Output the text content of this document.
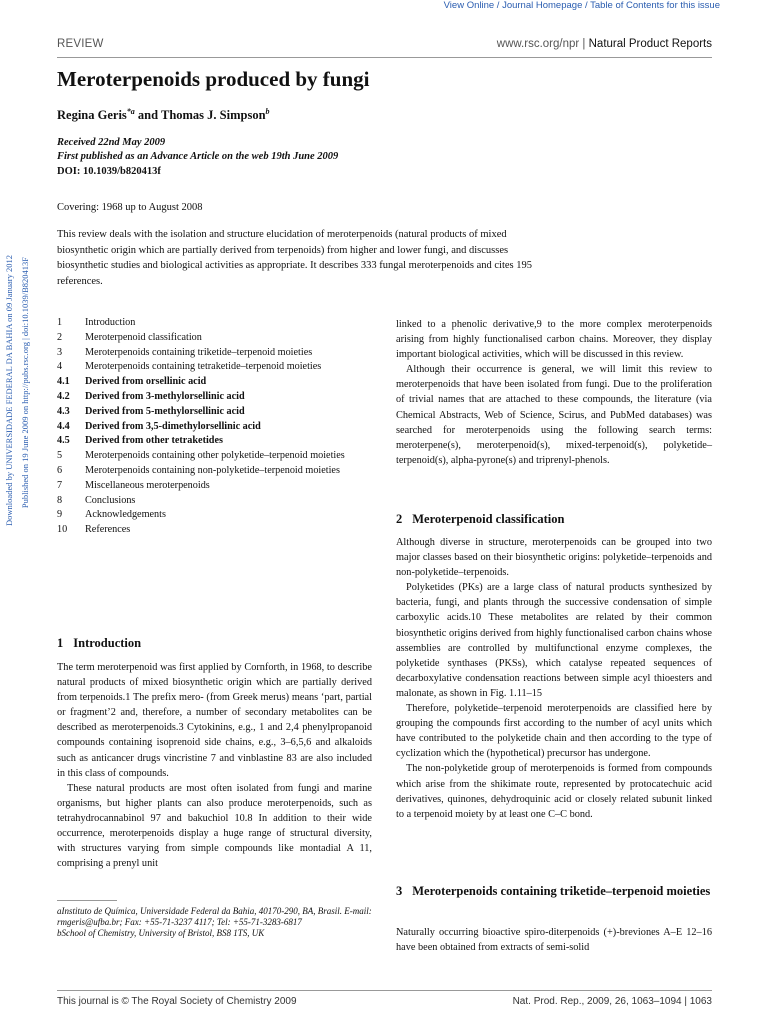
View Online / Journal Homepage / Table of Contents for this issue
REVIEW	www.rsc.org/npr | Natural Product Reports
Meroterpenoids produced by fungi
Regina Geris$^{*a}$ and Thomas J. Simpson$^b$
Received 22nd May 2009
First published as an Advance Article on the web 19th June 2009
DOI: 10.1039/b820413f
Covering: 1968 up to August 2008
This review deals with the isolation and structure elucidation of meroterpenoids (natural products of mixed biosynthetic origin which are partially derived from terpenoids) from higher and lower fungi, and discusses biosynthetic studies and biological activities as appropriate. It describes 333 fungal meroterpenoids and cites 195 references.
Downloaded by UNIVERSIDADE FEDERAL DA BAHIA on 09 January 2012 Published on 19 June 2009 on http://pubs.rsc.org | doi:10.1039/B820413F	1	Introduction
2	Meroterpenoid classification
3	Meroterpenoids containing triketide–terpenoid moieties
4	Meroterpenoids containing tetraketide–terpenoid moieties
4.1	Derived from orsellinic acid
4.2	Derived from 3-methylorsellinic acid
4.3	Derived from 5-methylorsellinic acid
4.4	Derived from 3,5-dimethylorsellinic acid
4.5	Derived from other tetraketides
5	Meroterpenoids containing other polyketide–terpenoid moieties
6	Meroterpenoids containing non-polyketide–terpenoid moieties
7	Miscellaneous meroterpenoids
8	Conclusions
9	Acknowledgements
10	References
1 Introduction

The term meroterpenoid was first applied by Cornforth, in 1968, to describe natural products of mixed biosynthetic origin which are partially derived from terpenoids.1 The prefix mero- (from Greek merus) means ‘part, partial or fragment’2 and, therefore, a number of secondary metabolites can be described as meroterpenoids.3 Cytokinins, e.g., 1 and 2,4 phenylpropanoid compounds containing isoprenoid side chains, e.g., 3–6,5,6 and alkaloids such as anticancer drugs vincristine 7 and vinblastine 83 are also included in this class of compounds.

These natural products are most often isolated from fungi and marine organisms, but higher plants can also produce meroterpenoids, such as tetrahydrocannabinol 97 and bakuchiol 10.8 In addition to their wide occurrence, meroterpenoids display a huge range of structural diversity, with structures varying from simple compounds like montadial A 11, comprising a prenyl unit

aInstituto de Química, Universidade Federal da Bahia, 40170-290, BA, Brasil. E-mail: rmgeris@ufba.br; Fax: +55-71-3237 4117; Tel: +55-71-3283-6817
bSchool of Chemistry, University of Bristol, BS8 1TS, UK

linked to a phenolic derivative,9 to the more complex meroterpenoids arising from highly functionalised carbon chains. Moreover, they display important biological activities, which will be discussed in this review.

Although their occurrence is general, we will limit this review to meroterpenoids that have been isolated from fungi. Due to the proliferation of trivial names that are attached to these compounds, the literature (via Chemical Abstracts, Web of Science, Scirus, and PubMed databases) was searched for meroterpenoids using the following search terms: meroterpene(s), meroterpenoid(s), mixed-terpenoid(s), polyketide–terpenoid(s), alpha-pyrone(s) and triprenyl-phenols.

2 Meroterpenoid classification

Although diverse in structure, meroterpenoids can be grouped into two major classes based on their biosynthetic origins: polyketide–terpenoids and non-polyketide–terpenoids.

Polyketides (PKs) are a large class of natural products synthesized by bacteria, fungi, and plants through the successive condensation of simple carboxylic acids.10 These metabolites are related by their common biosynthetic origins derived from highly functionalised carbon chains whose assemblies are controlled by multifunctional enzyme complexes, the polyketide synthases (PKSs), which catalyse repeated sequences of decarboxylative condensation reactions between simple acyl thioesters and malonate, as shown in Fig. 1.11–15

Therefore, polyketide–terpenoid meroterpenoids are classified here by grouping the compounds first according to the number of acyl units which have contributed to the polyketide chain and then according to the type of cyclization which the (hypothetical) precursor has undergone.

The non-polyketide group of meroterpenoids is formed from compounds which arise from the shikimate route, represented by protocatechuic acid derivatives, quinones, dehydroquinic acid or closely related subunit linked to a terpenoid moiety by at least one C–C bond.

3 Meroterpenoids containing triketide–terpenoid moieties

Naturally occurring bioactive spiro-diterpenoids (+)-breviones A–E 12–16 have been obtained from extracts of semi-solid

This journal is © The Royal Society of Chemistry 2009	Nat. Prod. Rep., 2009, 26, 1063–1094 | 1063
